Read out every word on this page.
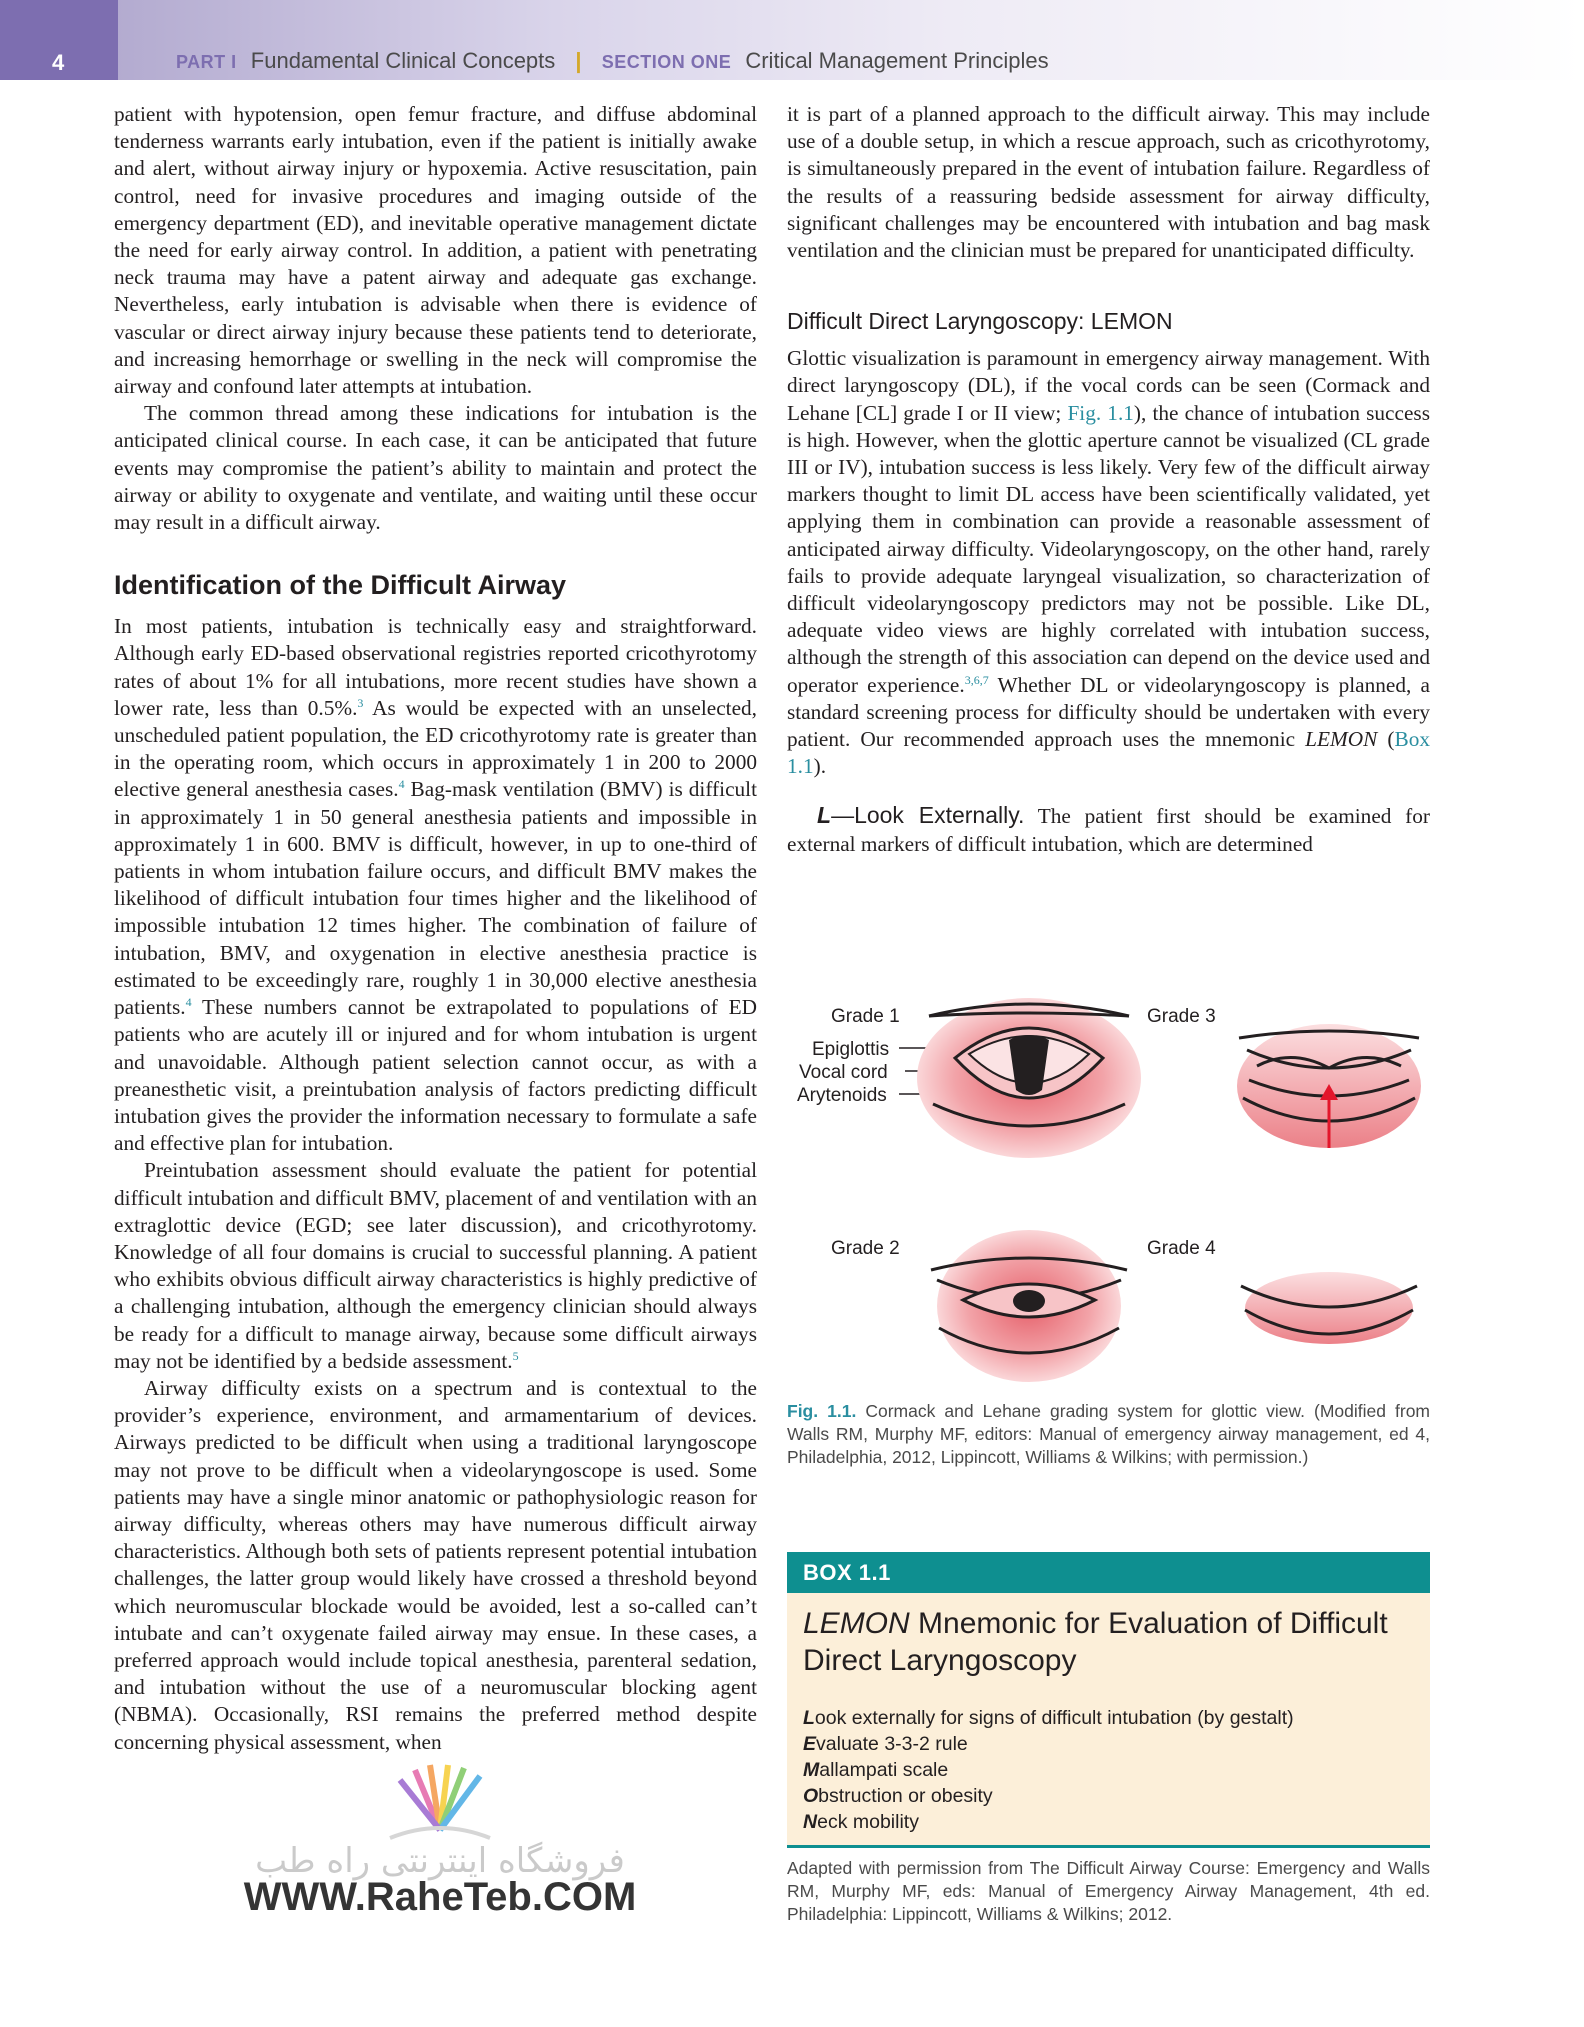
4	PART I Fundamental Clinical Concepts | SECTION ONE Critical Management Principles

patient with hypotension, open femur fracture, and diffuse abdominal tenderness warrants early intubation, even if the patient is initially awake and alert, without airway injury or hypoxemia. Active resuscitation, pain control, need for invasive procedures and imaging outside of the emergency department (ED), and inevitable operative management dictate the need for early airway control. In addition, a patient with penetrating neck trauma may have a patent airway and adequate gas exchange. Nevertheless, early intubation is advisable when there is evidence of vascular or direct airway injury because these patients tend to deteriorate, and increasing hemorrhage or swelling in the neck will compromise the airway and confound later attempts at intubation.

The common thread among these indications for intubation is the anticipated clinical course. In each case, it can be anticipated that future events may compromise the patient’s ability to maintain and protect the airway or ability to oxygenate and ventilate, and waiting until these occur may result in a difficult airway.

Identification of the Difficult Airway

In most patients, intubation is technically easy and straightforward. Although early ED-based observational registries reported cricothyrotomy rates of about 1% for all intubations, more recent studies have shown a lower rate, less than 0.5%.$^3$ As would be expected with an unselected, unscheduled patient population, the ED cricothyrotomy rate is greater than in the operating room, which occurs in approximately 1 in 200 to 2000 elective general anesthesia cases.$^4$ Bag-mask ventilation (BMV) is difficult in approximately 1 in 50 general anesthesia patients and impossible in approximately 1 in 600. BMV is difficult, however, in up to one-third of patients in whom intubation failure occurs, and difficult BMV makes the likelihood of difficult intubation four times higher and the likelihood of impossible intubation 12 times higher. The combination of failure of intubation, BMV, and oxygenation in elective anesthesia practice is estimated to be exceedingly rare, roughly 1 in 30,000 elective anesthesia patients.$^4$ These numbers cannot be extrapolated to populations of ED patients who are acutely ill or injured and for whom intubation is urgent and unavoidable. Although patient selection cannot occur, as with a preanesthetic visit, a preintubation analysis of factors predicting difficult intubation gives the provider the information necessary to formulate a safe and effective plan for intubation.

Preintubation assessment should evaluate the patient for potential difficult intubation and difficult BMV, placement of and ventilation with an extraglottic device (EGD; see later discussion), and cricothyrotomy. Knowledge of all four domains is crucial to successful planning. A patient who exhibits obvious difficult airway characteristics is highly predictive of a challenging intubation, although the emergency clinician should always be ready for a difficult to manage airway, because some difficult airways may not be identified by a bedside assessment.$^5$

Airway difficulty exists on a spectrum and is contextual to the provider’s experience, environment, and armamentarium of devices. Airways predicted to be difficult when using a traditional laryngoscope may not prove to be difficult when a videolaryngoscope is used. Some patients may have a single minor anatomic or pathophysiologic reason for airway difficulty, whereas others may have numerous difficult airway characteristics. Although both sets of patients represent potential intubation challenges, the latter group would likely have crossed a threshold beyond which neuromuscular blockade would be avoided, lest a so-called can’t intubate and can’t oxygenate failed airway may ensue. In these cases, a preferred approach would include topical anesthesia, parenteral sedation, and intubation without the use of a neuromuscular blocking agent (NBMA). Occasionally, RSI remains the preferred method despite concerning physical assessment, when

it is part of a planned approach to the difficult airway. This may include use of a double setup, in which a rescue approach, such as cricothyrotomy, is simultaneously prepared in the event of intubation failure. Regardless of the results of a reassuring bedside assessment for airway difficulty, significant challenges may be encountered with intubation and bag mask ventilation and the clinician must be prepared for unanticipated difficulty.

Difficult Direct Laryngoscopy: LEMON

Glottic visualization is paramount in emergency airway management. With direct laryngoscopy (DL), if the vocal cords can be seen (Cormack and Lehane [CL] grade I or II view; Fig. 1.1), the chance of intubation success is high. However, when the glottic aperture cannot be visualized (CL grade III or IV), intubation success is less likely. Very few of the difficult airway markers thought to limit DL access have been scientifically validated, yet applying them in combination can provide a reasonable assessment of anticipated airway difficulty. Videolaryngoscopy, on the other hand, rarely fails to provide adequate laryngeal visualization, so characterization of difficult videolaryngoscopy predictors may not be possible. Like DL, adequate video views are highly correlated with intubation success, although the strength of this association can depend on the device used and operator experience.$^{3,6,7}$ Whether DL or videolaryngoscopy is planned, a standard screening process for difficulty should be undertaken with every patient. Our recommended approach uses the mnemonic LEMON (Box 1.1).

L—Look Externally. The patient first should be examined for external markers of difficult intubation, which are determined

Grade 1	Grade 3
Grade 2	Grade 4
Epiglottis
Vocal cord
Arytenoids
Fig. 1.1. Cormack and Lehane grading system for glottic view. (Modified from Walls RM, Murphy MF, editors: Manual of emergency airway management, ed 4, Philadelphia, 2012, Lippincott, Williams & Wilkins; with permission.)
BOX 1.1
LEMON Mnemonic for Evaluation of Difficult Direct Laryngoscopy
Look externally for signs of difficult intubation (by gestalt)
Evaluate 3-3-2 rule
Mallampati scale
Obstruction or obesity
Neck mobility
Adapted with permission from The Difficult Airway Course: Emergency and Walls RM, Murphy MF, eds: Manual of Emergency Airway Management, 4th ed. Philadelphia: Lippincott, Williams & Wilkins; 2012.
فروشگاه اینترنتی راه طب
WWW.RaheTeb.COM
